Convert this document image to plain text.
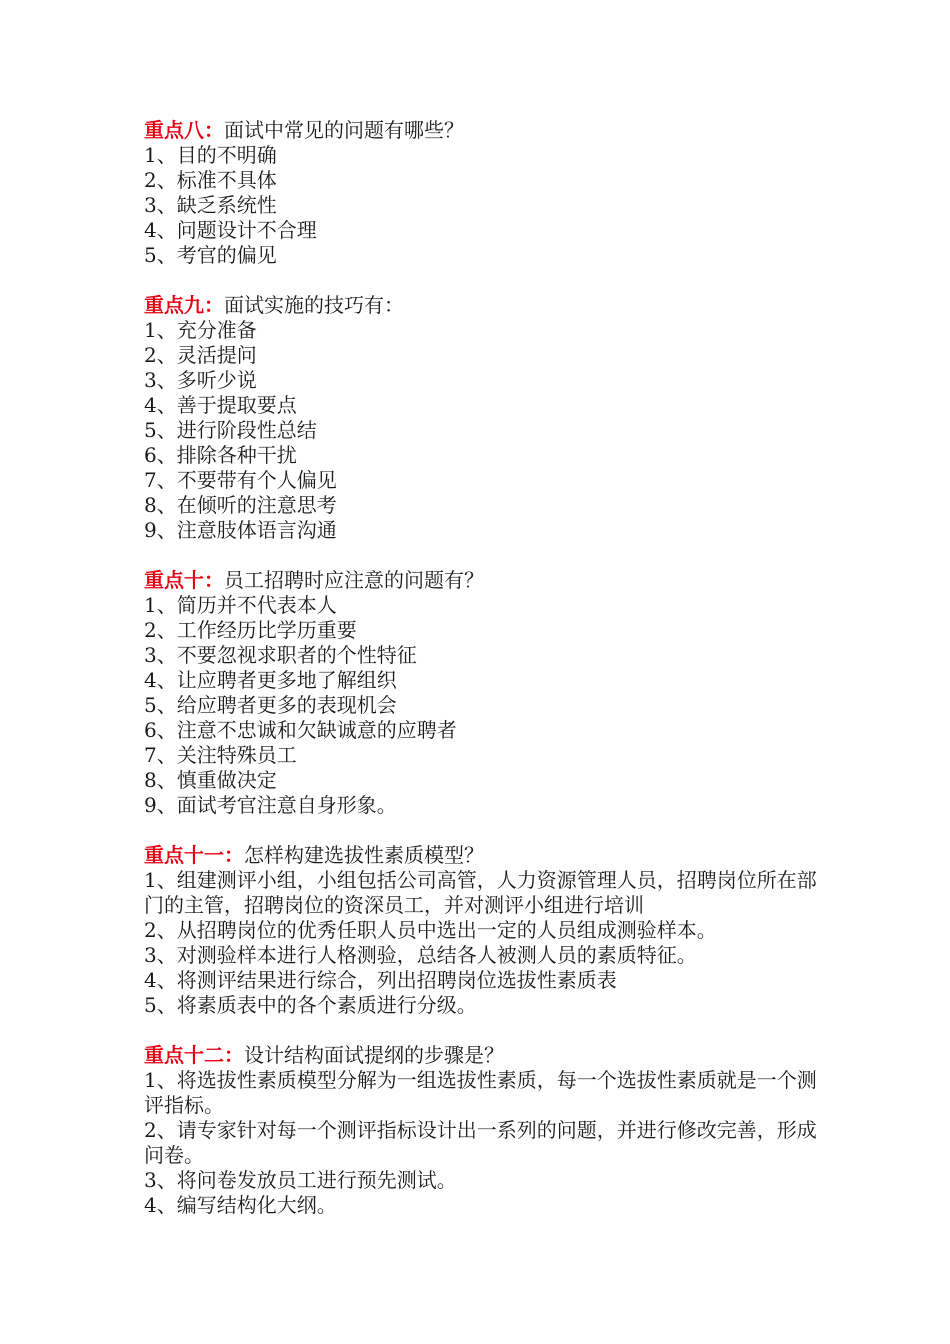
重点八：面试中常见的问题有哪些？
1、目的不明确
2、标准不具体
3、缺乏系统性
4、问题设计不合理
5、考官的偏见
重点九：面试实施的技巧有：
1、充分准备
2、灵活提问
3、多听少说
4、善于提取要点
5、进行阶段性总结
6、排除各种干扰
7、不要带有个人偏见
8、在倾听的注意思考
9、注意肢体语言沟通
重点十：员工招聘时应注意的问题有？
1、简历并不代表本人
2、工作经历比学历重要
3、不要忽视求职者的个性特征
4、让应聘者更多地了解组织
5、给应聘者更多的表现机会
6、注意不忠诚和欠缺诚意的应聘者
7、关注特殊员工
8、慎重做决定
9、面试考官注意自身形象。
重点十一：怎样构建选拔性素质模型？
1、组建测评小组，小组包括公司高管，人力资源管理人员，招聘岗位所在部门的主管，招聘岗位的资深员工，并对测评小组进行培训
2、从招聘岗位的优秀任职人员中选出一定的人员组成测验样本。
3、对测验样本进行人格测验，总结各人被测人员的素质特征。
4、将测评结果进行综合，列出招聘岗位选拔性素质表
5、将素质表中的各个素质进行分级。
重点十二：设计结构面试提纲的步骤是？
1、将选拔性素质模型分解为一组选拔性素质，每一个选拔性素质就是一个测评指标。
2、请专家针对每一个测评指标设计出一系列的问题，并进行修改完善，形成问卷。
3、将问卷发放员工进行预先测试。
4、编写结构化大纲。
